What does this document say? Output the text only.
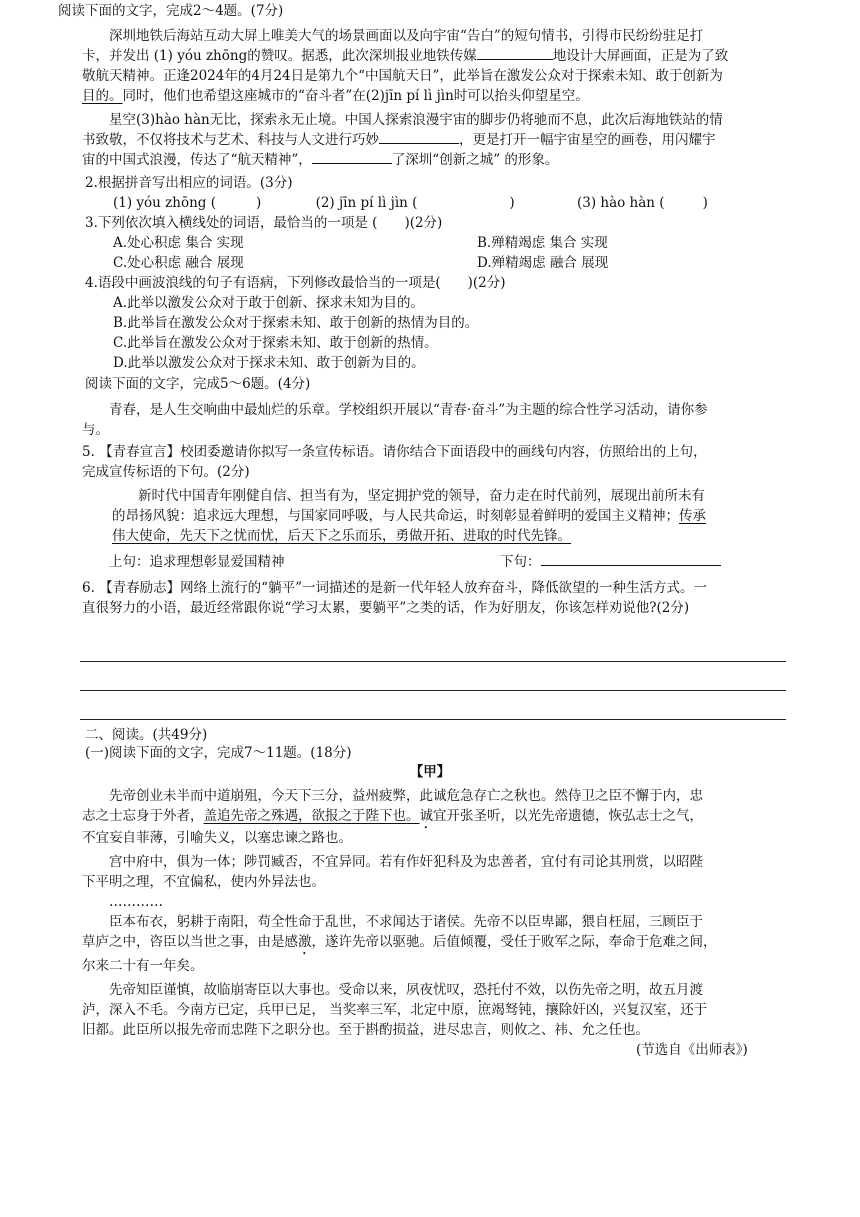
阅读下面的文字，完成2～4题。(7分)
深圳地铁后海站互动大屏上唯美大气的场景画面以及向宇宙“告白”的短句情书，引得市民纷纷驻足打
卡，并发出 (1) yóu zhōng的赞叹。据悉，此次深圳报业地铁传媒	地设计大屏画面，正是为了致
敬航天精神。正逢2024年的4月24日是第九个“中国航天日”，此举旨在激发公众对于探索未知、敢于创新为
目的。同时，他们也希望这座城市的“奋斗者”在(2)jīn pí lì jìn时可以抬头仰望星空。
星空(3)hào hàn无比，探索永无止境。中国人探索浪漫宇宙的脚步仍将驰而不息，此次后海地铁站的情
书致敬，不仅将技术与艺术、科技与人文进行巧妙	，更是打开一幅宇宙星空的画卷，用闪耀宇
宙的中国式浪漫，传达了“航天精神”，	了深圳“创新之城” 的形象。
2.根据拼音写出相应的词语。(3分)
(1) yóu zhōng (	)	(2) jīn pí lì jìn (	)	(3) hào hàn (	)
3.下列依次填入横线处的词语，最恰当的一项是 (　　)(2分)
A.处心积虑 集合 实现	B.殚精竭虑 集合 实现
C.处心积虑 融合 展现	D.殚精竭虑 融合 展现
4.语段中画波浪线的句子有语病，下列修改最恰当的一项是(　　)(2分)
A.此举以激发公众对于敢于创新、探求未知为目的。
B.此举旨在激发公众对于探索未知、敢于创新的热情为目的。
C.此举旨在激发公众对于探索未知、敢于创新的热情。
D.此举以激发公众对于探求未知、敢于创新为目的。
阅读下面的文字，完成5～6题。(4分)
青春，是人生交响曲中最灿烂的乐章。学校组织开展以“青春·奋斗”为主题的综合性学习活动，请你参
与。
5. 【青春宣言】校团委邀请你拟写一条宣传标语。请你结合下面语段中的画线句内容，仿照给出的上句，
完成宣传标语的下句。(2分)
新时代中国青年刚健自信、担当有为，坚定拥护党的领导，奋力走在时代前列，展现出前所未有
的昂扬风貌：追求远大理想，与国家同呼吸，与人民共命运，时刻彰显着鲜明的爱国主义精神；传承
伟大使命，先天下之忧而忧，后天下之乐而乐，勇做开拓、进取的时代先锋。
上句：追求理想彰显爱国精神	下句：
6. 【青春励志】网络上流行的“躺平”一词描述的是新一代年轻人放弃奋斗，降低欲望的一种生活方式。一
直很努力的小语，最近经常跟你说“学习太累，要躺平”之类的话，作为好朋友，你该怎样劝说他?(2分)
二、阅读。(共49分)
(一)阅读下面的文字，完成7～11题。(18分)
【甲】
先帝创业未半而中道崩殂，今天下三分，益州疲弊，此诚危急存亡之秋也。然侍卫之臣不懈于内，忠
志之士忘身于外者，盖追先帝之殊遇，欲报之于陛下也。诚宜开张圣听，以光先帝遗德，恢弘志士之气，
不宜妄自菲薄，引喻失义，以塞忠谏之路也。
宫中府中，俱为一体；陟罚臧否，不宜异同。若有作奸犯科及为忠善者，宜付有司论其刑赏，以昭陛
下平明之理，不宜偏私，使内外异法也。
…………
臣本布衣，躬耕于南阳，苟全性命于乱世，不求闻达于诸侯。先帝不以臣卑鄙，猥自枉屈，三顾臣于
草庐之中，咨臣以当世之事，由是感激，遂许先帝以驱驰。后值倾覆，受任于败军之际，奉命于危难之间，
尔来二十有一年矣。
先帝知臣谨慎，故临崩寄臣以大事也。受命以来，夙夜忧叹，恐托付不效，以伤先帝之明，故五月渡
泸，深入不毛。今南方已定，兵甲已足， 当奖率三军，北定中原，庶竭驽钝，攘除奸凶，兴复汉室，还于
旧都。此臣所以报先帝而忠陛下之职分也。至于斟酌损益，进尽忠言，则攸之、祎、允之任也。
(节选自《出师表》)
